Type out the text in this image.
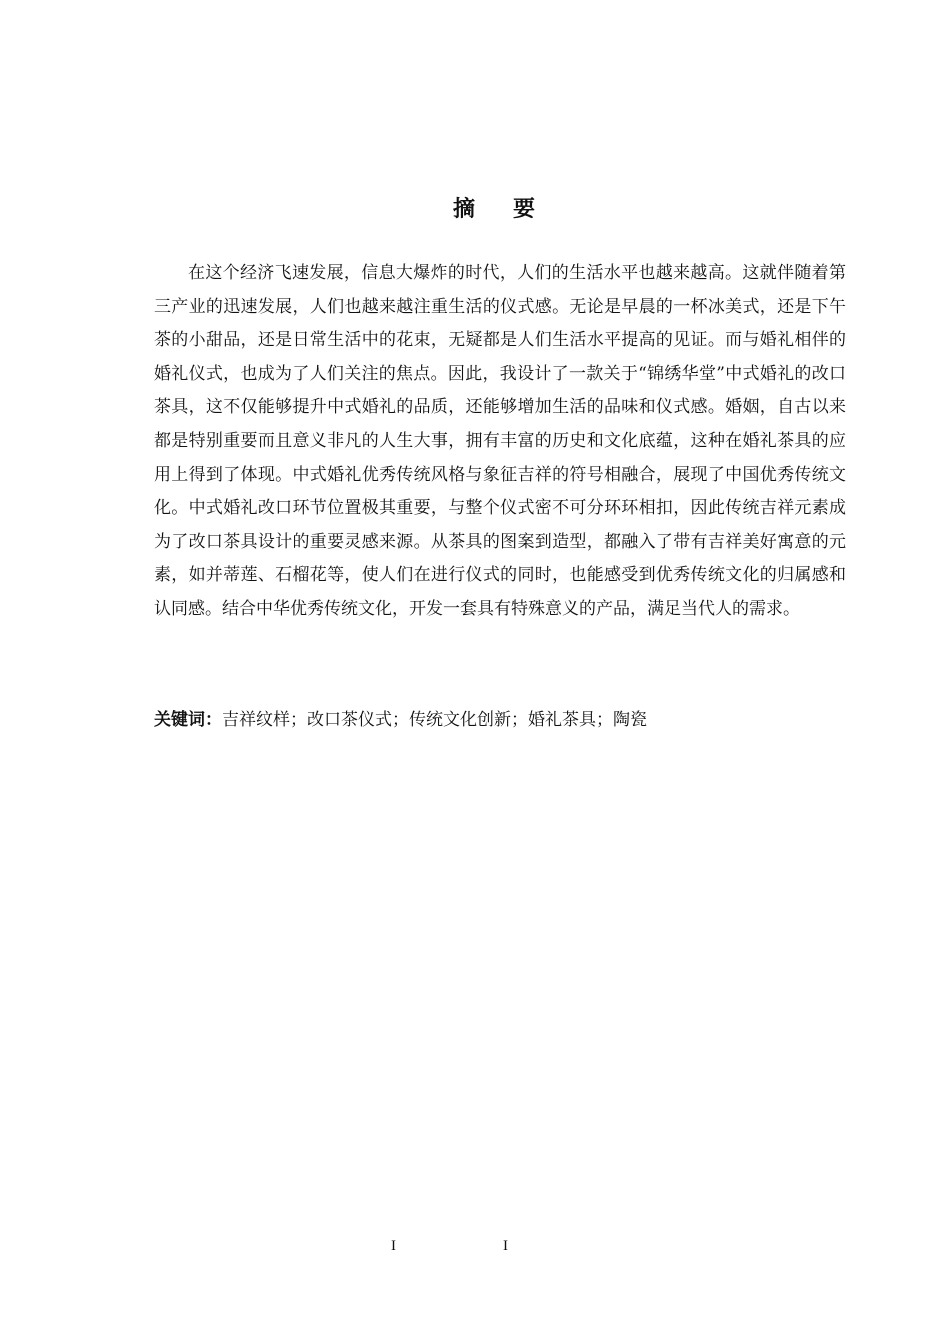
摘要

在这个经济飞速发展，信息大爆炸的时代，人们的生活水平也越来越高。这就伴随着第三产业的迅速发展，人们也越来越注重生活的仪式感。无论是早晨的一杯冰美式，还是下午茶的小甜品，还是日常生活中的花束，无疑都是人们生活水平提高的见证。而与婚礼相伴的婚礼仪式，也成为了人们关注的焦点。因此，我设计了一款关于“锦绣华堂”中式婚礼的改口茶具，这不仅能够提升中式婚礼的品质，还能够增加生活的品味和仪式感。婚姻，自古以来都是特别重要而且意义非凡的人生大事，拥有丰富的历史和文化底蕴，这种在婚礼茶具的应用上得到了体现。中式婚礼优秀传统风格与象征吉祥的符号相融合，展现了中国优秀传统文化。中式婚礼改口环节位置极其重要，与整个仪式密不可分环环相扣，因此传统吉祥元素成为了改口茶具设计的重要灵感来源。从茶具的图案到造型，都融入了带有吉祥美好寓意的元素，如并蒂莲、石榴花等，使人们在进行仪式的同时，也能感受到优秀传统文化的归属感和认同感。结合中华优秀传统文化，开发一套具有特殊意义的产品，满足当代人的需求。

关键词：吉祥纹样；改口茶仪式；传统文化创新；婚礼茶具；陶瓷

I	I
